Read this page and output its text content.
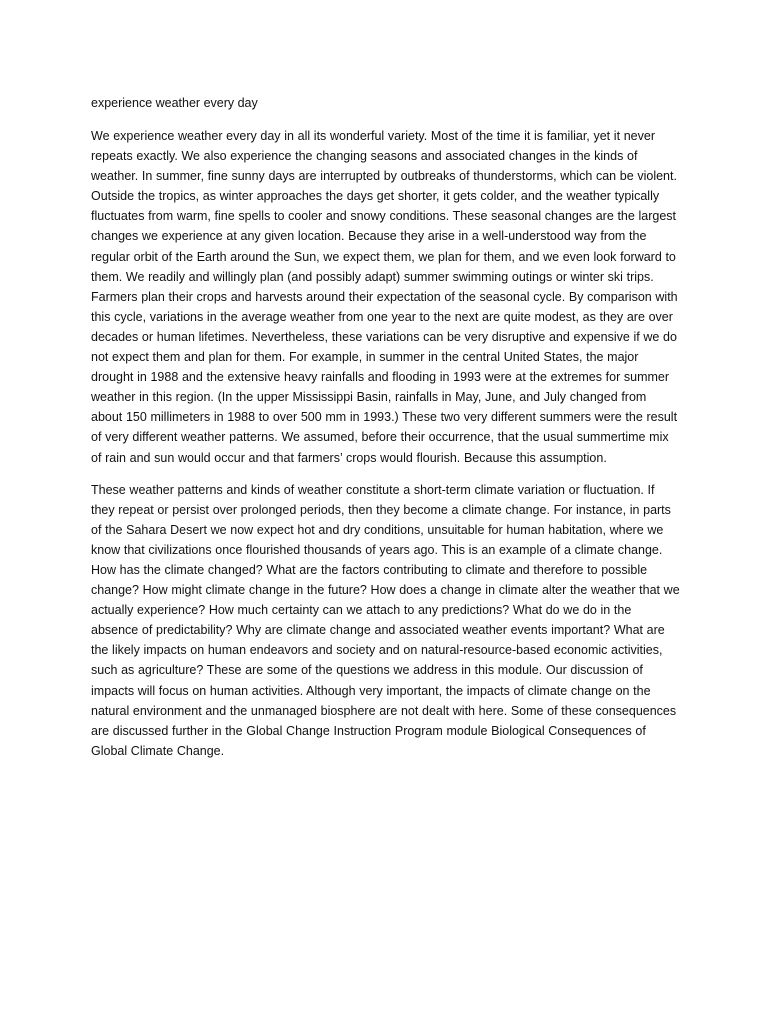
experience weather every day

We experience weather every day in all its wonderful variety. Most of the time it is familiar, yet it never repeats exactly. We also experience the changing seasons and associated changes in the kinds of weather. In summer, fine sunny days are interrupted by outbreaks of thunderstorms, which can be violent. Outside the tropics, as winter approaches the days get shorter, it gets colder, and the weather typically fluctuates from warm, fine spells to cooler and snowy conditions. These seasonal changes are the largest changes we experience at any given location. Because they arise in a well-understood way from the regular orbit of the Earth around the Sun, we expect them, we plan for them, and we even look forward to them. We readily and willingly plan (and possibly adapt) summer swimming outings or winter ski trips. Farmers plan their crops and harvests around their expectation of the seasonal cycle. By comparison with this cycle, variations in the average weather from one year to the next are quite modest, as they are over decades or human lifetimes. Nevertheless, these variations can be very disruptive and expensive if we do not expect them and plan for them. For example, in summer in the central United States, the major drought in 1988 and the extensive heavy rainfalls and flooding in 1993 were at the extremes for summer weather in this region. (In the upper Mississippi Basin, rainfalls in May, June, and July changed from about 150 millimeters in 1988 to over 500 mm in 1993.) These two very different summers were the result of very different weather patterns. We assumed, before their occurrence, that the usual summertime mix of rain and sun would occur and that farmers’ crops would flourish. Because this assumption.

These weather patterns and kinds of weather constitute a short-term climate variation or fluctuation. If they repeat or persist over prolonged periods, then they become a climate change. For instance, in parts of the Sahara Desert we now expect hot and dry conditions, unsuitable for human habitation, where we know that civilizations once flourished thousands of years ago. This is an example of a climate change. How has the climate changed? What are the factors contributing to climate and therefore to possible change? How might climate change in the future? How does a change in climate alter the weather that we actually experience? How much certainty can we attach to any predictions? What do we do in the absence of predictability? Why are climate change and associated weather events important? What are the likely impacts on human endeavors and society and on natural-resource-based economic activities, such as agriculture? These are some of the questions we address in this module. Our discussion of impacts will focus on human activities. Although very important, the impacts of climate change on the natural environment and the unmanaged biosphere are not dealt with here. Some of these consequences are discussed further in the Global Change Instruction Program module Biological Consequences of Global Climate Change.
